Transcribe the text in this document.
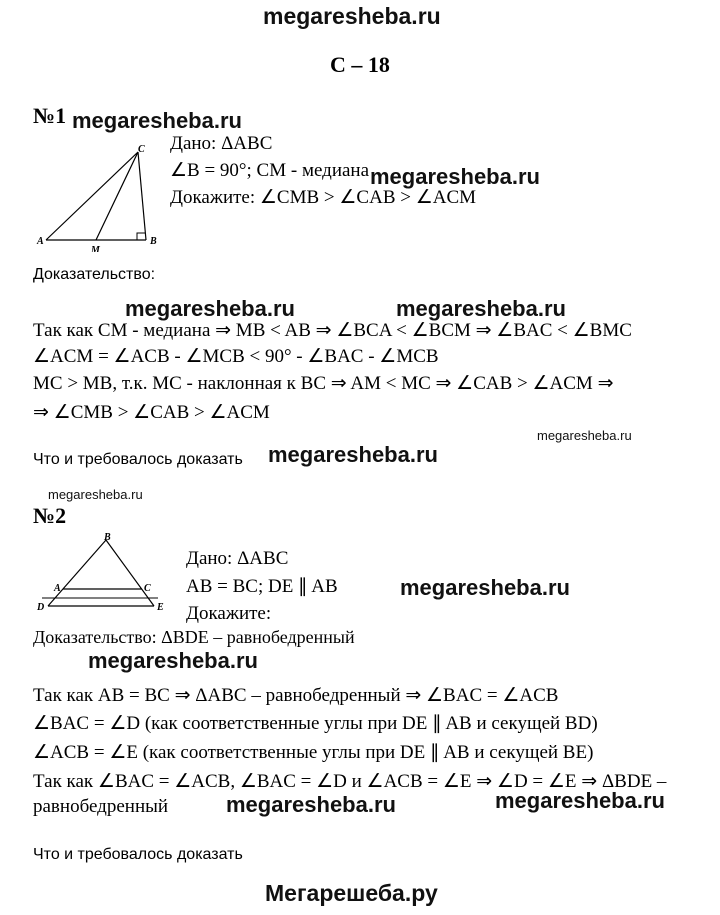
megaresheba.ru
С – 18
№1 megaresheba.ru
A	B
C
M
Дано: ΔABC
∠B = 90°; CM - медиана megaresheba.ru
Докажите: ∠CMB > ∠CAB > ∠ACM
Доказательство:
megaresheba.ru	megaresheba.ru
Так как CM - медиана ⇒ MB < AB ⇒ ∠BCA < ∠BCM ⇒ ∠BAC < ∠BMC
∠ACM = ∠ACB - ∠MCB < 90° - ∠BAC - ∠MCB
MC > MB, т.к. MC - наклонная к BC ⇒ AM < MC ⇒ ∠CAB > ∠ACM ⇒
⇒ ∠CMB > ∠CAB > ∠ACM
megaresheba.ru
Что и требовалось доказать megaresheba.ru
megaresheba.ru
№2
B
A	C
D	E
Дано: ΔABC
AB = BC; DE ∥ AB	megaresheba.ru
Докажите:
Доказательство: ΔBDE – равнобедренный
megaresheba.ru
Так как AB = BC ⇒ ΔABC – равнобедренный ⇒ ∠BAC = ∠ACB
∠BAC = ∠D (как соответственные углы при DE ∥ AB и секущей BD)
∠ACB = ∠E (как соответственные углы при DE ∥ AB и секущей BE)
Так как ∠BAC = ∠ACB, ∠BAC = ∠D и ∠ACB = ∠E ⇒ ∠D = ∠E ⇒ ΔBDE –
равнобедренный	megaresheba.ru	megaresheba.ru
Что и требовалось доказать
Мегарешеба.ру
